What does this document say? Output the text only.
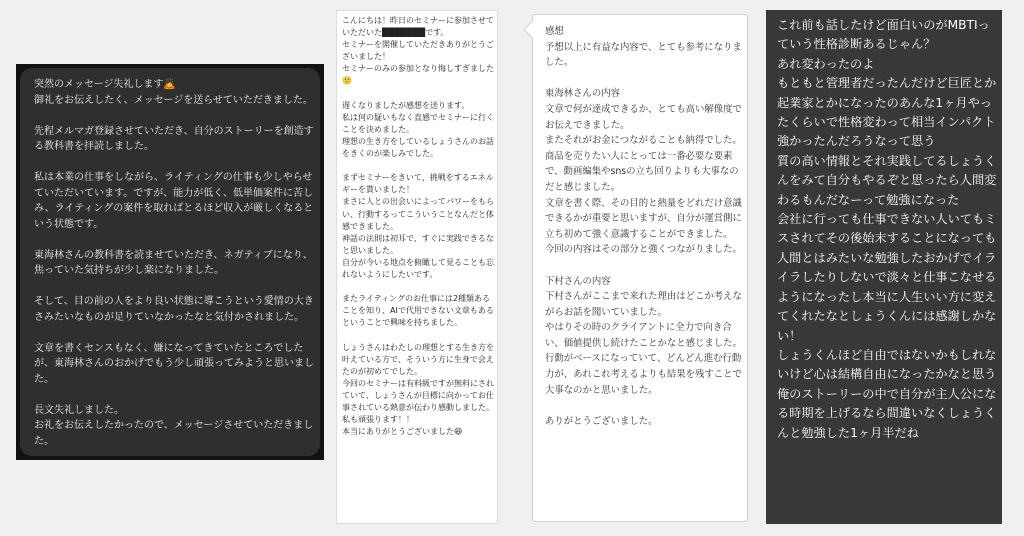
突然のメッセージ失礼します🙇
御礼をお伝えしたく、メッセージを送らせていただきました。

先程メルマガ登録させていただき、自分のストーリーを創造する教科書を拝読しました。

私は本業の仕事をしながら、ライティングの仕事も少しやらせていただいています。ですが、能力が低く、低単価案件に苦しみ、ライティングの案件を取ればとるほど収入が厳しくなるという状態です。

東海林さんの教科書を読ませていただき、ネガティブになり、焦っていた気持ちが少し楽になりました。

そして、目の前の人をより良い状態に導こうという愛情の大きさみたいなものが足りていなかったなと気付かされました。

文章を書くセンスもなく、嫌になってきていたところでしたが、東海林さんのおかげでもう少し頑張ってみようと思いました。

長文失礼しました。
お礼をお伝えしたかったので、メッセージさせていただきました。

こんにちは！昨日のセミナーに参加させていただいた███████です。
セミナーを開催していただきありがとうございました！
セミナーのみの参加となり悔しすぎました🙁

遅くなりましたが感想を送ります。
私は何の疑いもなく直感でセミナーに行くことを決めました。
理想の生き方をしているしょうさんのお話をきくのが楽しみでした。

まずセミナーをきいて、挑戦をするエネルギーを貰いました！
まさに人との出会いによってパワーをもらい、行動するってこういうことなんだと体感できました。
神話の法則は初耳で、すぐに実践できるなと思いました。
自分が今いる地点を俯瞰して見ることも忘れないようにしたいです。

またライティングのお仕事には2種類あることを知り、AIで代用できない文章もあるということで興味を持ちました。

しょうさんはわたしの理想とする生き方を叶えている方で、そういう方に生身で会えたのが初めてでした。
今回のセミナーは有料級ですが無料にされていて、しょうさんが目標に向かってお仕事されている熱意が伝わり感動しました。
私も頑張ります！！
本当にありがとうございました😆

感想
予想以上に有益な内容で、とても参考になりました。

東海林さんの内容
文章で何が達成できるか、とても高い解像度でお伝えできました。
またそれがお金につながることも納得でした。
商品を売りたい人にとっては一番必要な要素で、動画編集やsnsの立ち回りよりも大事なのだと感じました。
文章を書く際、その目的と熱量をどれだけ意識できるかが重要と思いますが、自分が運営側に立ち初めて強く意識することができました。
今回の内容はその部分と強くつながりました。

下村さんの内容
下村さんがここまで来れた理由はどこか考えながらお話を聞いていました。
やはりその時のクライアントに全力で向き合い、価値提供し続けたことかなと感じました。
行動がベースになっていて、どんどん進む行動力が、あれこれ考えるよりも結果を残すことで大事なのかと思いました。

ありがとうございました。

これ前も話したけど面白いのがMBTIっていう性格診断あるじゃん？
あれ変わったのよ
もともと管理者だったんだけど巨匠とか起業家とかになったのあんな1ヶ月やったくらいで性格変わって相当インパクト強かったんだろうなって思う
質の高い情報とそれ実践してるしょうくんをみて自分もやるぞと思ったら人間変わるもんだなーって勉強になった
会社に行っても仕事できない人いてもミスされてその後始末することになっても人間とはみたいな勉強したおかげでイライラしたりしないで淡々と仕事こなせるようになったし本当に人生いい方に変えてくれたなとしょうくんには感謝しかない！
しょうくんほど自由ではないかもしれないけど心は結構自由になったかなと思う
俺のストーリーの中で自分が主人公になる時期を上げるなら間違いなくしょうくんと勉強した1ヶ月半だね
